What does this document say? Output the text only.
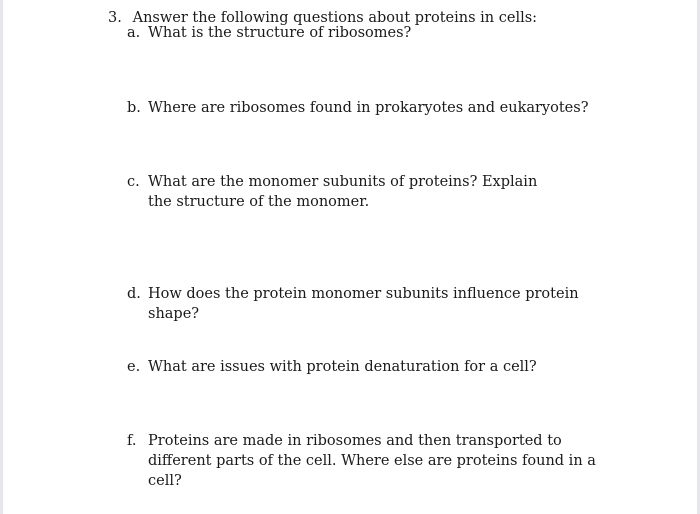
3. Answer the following questions about proteins in cells:
a. What is the structure of ribosomes?
b. Where are ribosomes found in prokaryotes and eukaryotes?
c. What are the monomer subunits of proteins? Explain the structure of the monomer.
d. How does the protein monomer subunits influence protein shape?
e. What are issues with protein denaturation for a cell?
f. Proteins are made in ribosomes and then transported to different parts of the cell. Where else are proteins found in a cell?
